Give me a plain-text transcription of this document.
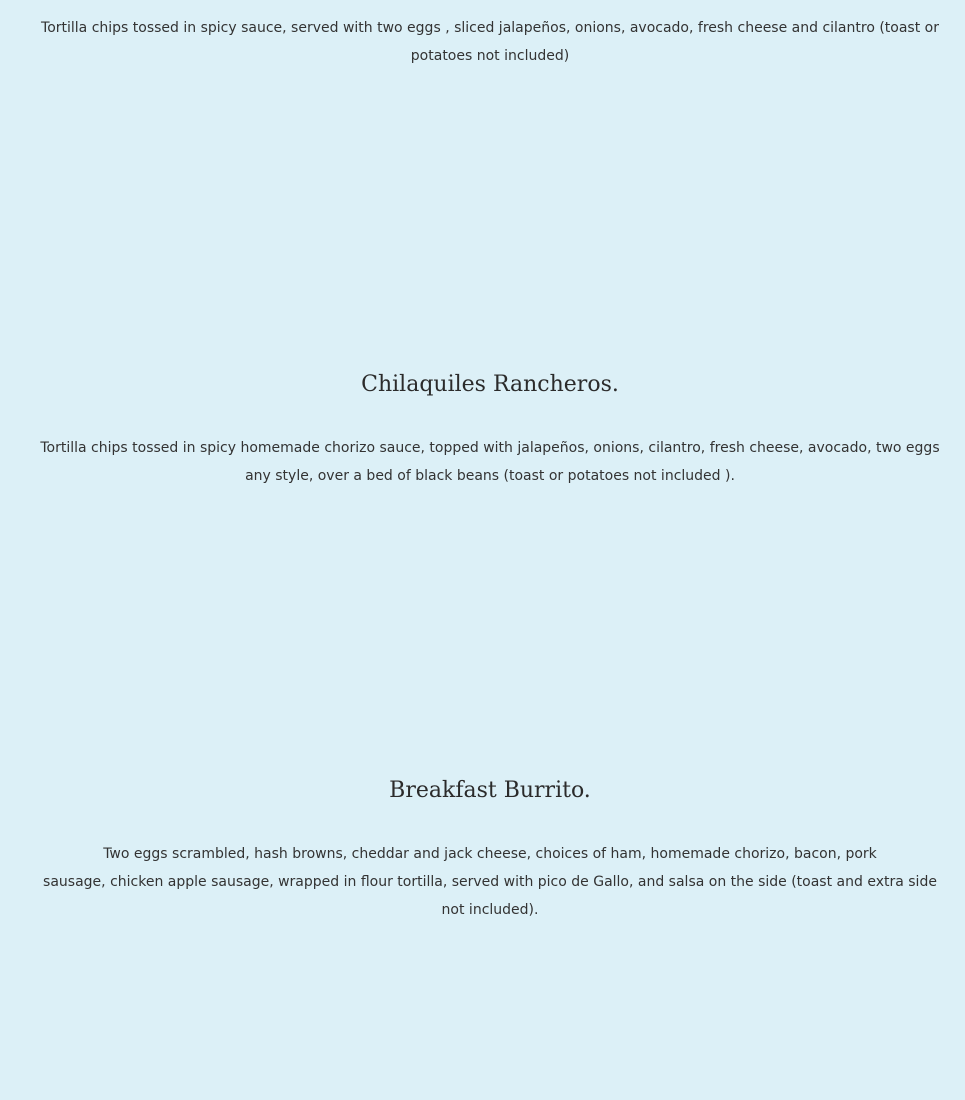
Tortilla chips tossed in spicy sauce, served with two eggs , sliced jalapeños, onions, avocado, fresh cheese and cilantro (toast or potatoes not included)

Chilaquiles Rancheros.

Tortilla chips tossed in spicy homemade chorizo sauce, topped with jalapeños, onions, cilantro, fresh cheese, avocado, two eggs any style, over a bed of black beans (toast or potatoes not included ).

Breakfast Burrito.
Two eggs scrambled, hash browns, cheddar and jack cheese, choices of ham, homemade chorizo, bacon, pork
sausage, chicken apple sausage, wrapped in flour tortilla, served with pico de Gallo, and salsa on the side (toast and extra side not included).
